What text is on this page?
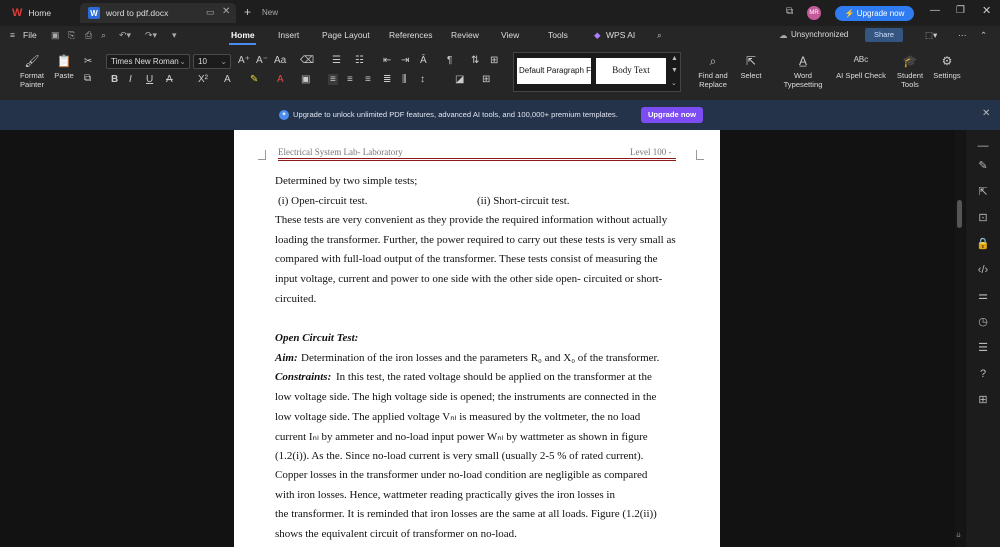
W Home	W word to pdf.docx	▭ ✕ + New	⧉	MR	⚡ Upgrade now	— ❐ ✕
≡ File ▣ ⎘ ⎙ ⌕ ↶▾ ↷▾ ▾	Home	Insert	Page Layout References Review	View	Tools	◆ WPS AI	⌕	☁ Unsynchronized	Share	⬚▾ ⋯ ⌃
🖌
Format Painter
📋
Paste
✂
⧉
Times New Roman ⌄	10 ⌄ A⁺ A⁻ Aa ⌫
B I U A	X² A ✎ A ▣
☰ ☷ ⇤ ⇥ Ā ¶ ⇅ ⊞
≡ ≡ ≡ ≣ ⫼ ↕	◪ ⊞
Default Paragraph F	Body Text
▲
▼
⌄
⌕
Find and Replace
⇱
Select
A̲
Word Typesetting
ᴬᴮᶜ
AI Spell Check
🎓
Student Tools
⚙
Settings
✦ Upgrade to unlock unlimited PDF features, advanced AI tools, and 100,000+ premium templates.	Upgrade now	✕
Electrical System Lab- Laboratory	Level 100 -
Determined by two simple tests;
(i) Open-circuit test.	(ii) Short-circuit test.
These tests are very convenient as they provide the required information without actually
loading the transformer. Further, the power required to carry out these tests is very small as
compared with full-load output of the transformer. These tests consist of measuring the
input voltage, current and power to one side with the other side open- circuited or short-
circuited.
Open Circuit Test:
Aim: Determination of the iron losses and the parameters R₀ and X₀ of the transformer.
Constraints: In this test, the rated voltage should be applied on the transformer at the
low voltage side. The high voltage side is opened; the instruments are connected in the
low voltage side. The applied voltage Vₙₗ is measured by the voltmeter, the no load
current Iₙₗ by ammeter and no-load input power Wₙₗ by wattmeter as shown in figure
(1.2(i)). As the. Since no-load current is very small (usually 2-5 % of rated current).
Copper losses in the transformer under no-load condition are negligible as compared
with iron losses. Hence, wattmeter reading practically gives the iron losses in
the transformer. It is reminded that iron losses are the same at all loads. Figure (1.2(ii))
shows the equivalent circuit of transformer on no-load.	⇊
—
✎
⇱
⊡
🔒
‹/›
⚌
◷
☰
?
⊞
